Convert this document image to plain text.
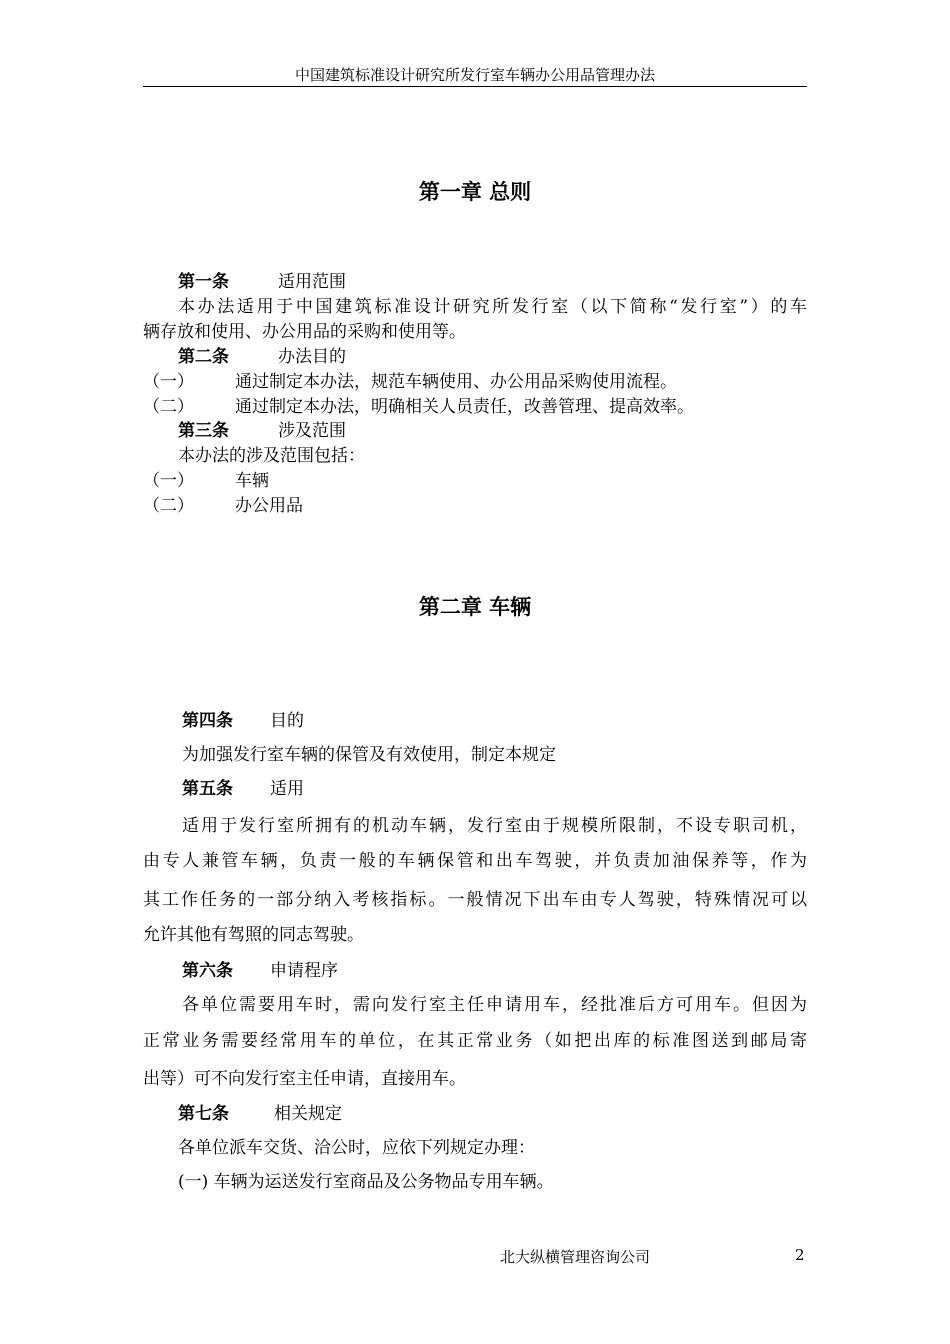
中国建筑标准设计研究所发行室车辆办公用品管理办法
第一章 总则
第一条	适用范围
本办法适用于中国建筑标准设计研究所发行室（以下简称“发行室”）的车
辆存放和使用、办公用品的采购和使用等。
第二条	办法目的
（一） 通过制定本办法，规范车辆使用、办公用品采购使用流程。
（二） 通过制定本办法，明确相关人员责任，改善管理、提高效率。
第三条	涉及范围
本办法的涉及范围包括：
（一） 车辆
（二） 办公用品
第二章 车辆
第四条 目的
为加强发行室车辆的保管及有效使用，制定本规定
第五条 适用
适用于发行室所拥有的机动车辆，发行室由于规模所限制，不设专职司机，
由专人兼管车辆，负责一般的车辆保管和出车驾驶，并负责加油保养等，作为
其工作任务的一部分纳入考核指标。一般情况下出车由专人驾驶，特殊情况可以
允许其他有驾照的同志驾驶。
第六条 申请程序
各单位需要用车时，需向发行室主任申请用车，经批准后方可用车。但因为
正常业务需要经常用车的单位，在其正常业务（如把出库的标准图送到邮局寄
出等）可不向发行室主任申请，直接用车。
第七条	相关规定
各单位派车交货、洽公时，应依下列规定办理：
(一) 车辆为运送发行室商品及公务物品专用车辆。
北大纵横管理咨询公司	2
